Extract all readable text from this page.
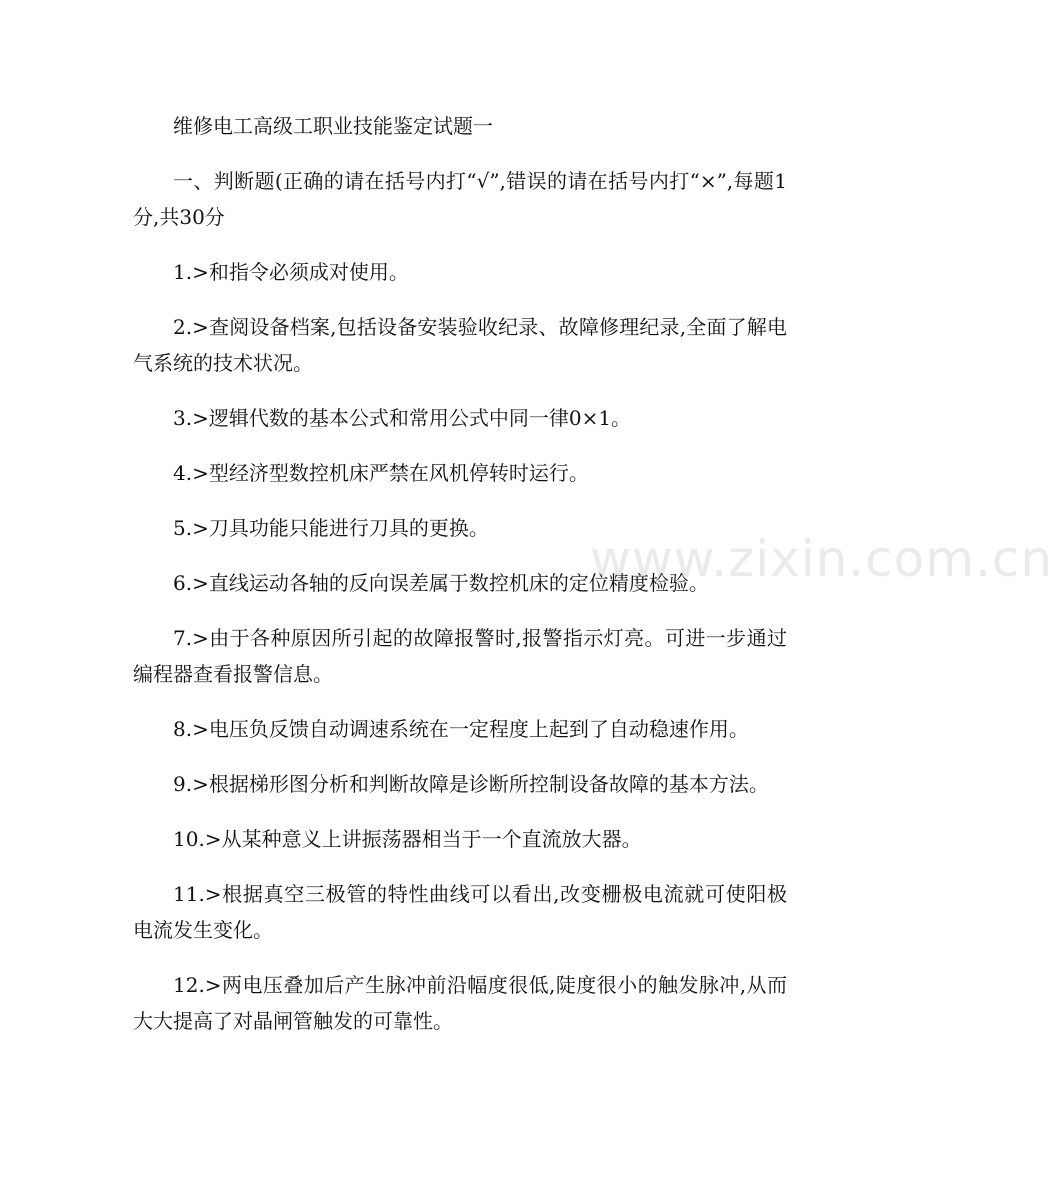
维修电工高级工职业技能鉴定试题一

一、判断题(正确的请在括号内打“√”,错误的请在括号内打“×”,每题1分,共30分

1.>和指令必须成对使用。

2.>查阅设备档案,包括设备安装验收纪录、故障修理纪录,全面了解电气系统的技术状况。

3.>逻辑代数的基本公式和常用公式中同一律0×1。

4.>型经济型数控机床严禁在风机停转时运行。

5.>刀具功能只能进行刀具的更换。

6.>直线运动各轴的反向误差属于数控机床的定位精度检验。

7.>由于各种原因所引起的故障报警时,报警指示灯亮。可进一步通过编程器查看报警信息。

8.>电压负反馈自动调速系统在一定程度上起到了自动稳速作用。

9.>根据梯形图分析和判断故障是诊断所控制设备故障的基本方法。

10.>从某种意义上讲振荡器相当于一个直流放大器。

11.>根据真空三极管的特性曲线可以看出,改变栅极电流就可使阳极电流发生变化。

12.>两电压叠加后产生脉冲前沿幅度很低,陡度很小的触发脉冲,从而大大提高了对晶闸管触发的可靠性。

www.zixin.com.cn
